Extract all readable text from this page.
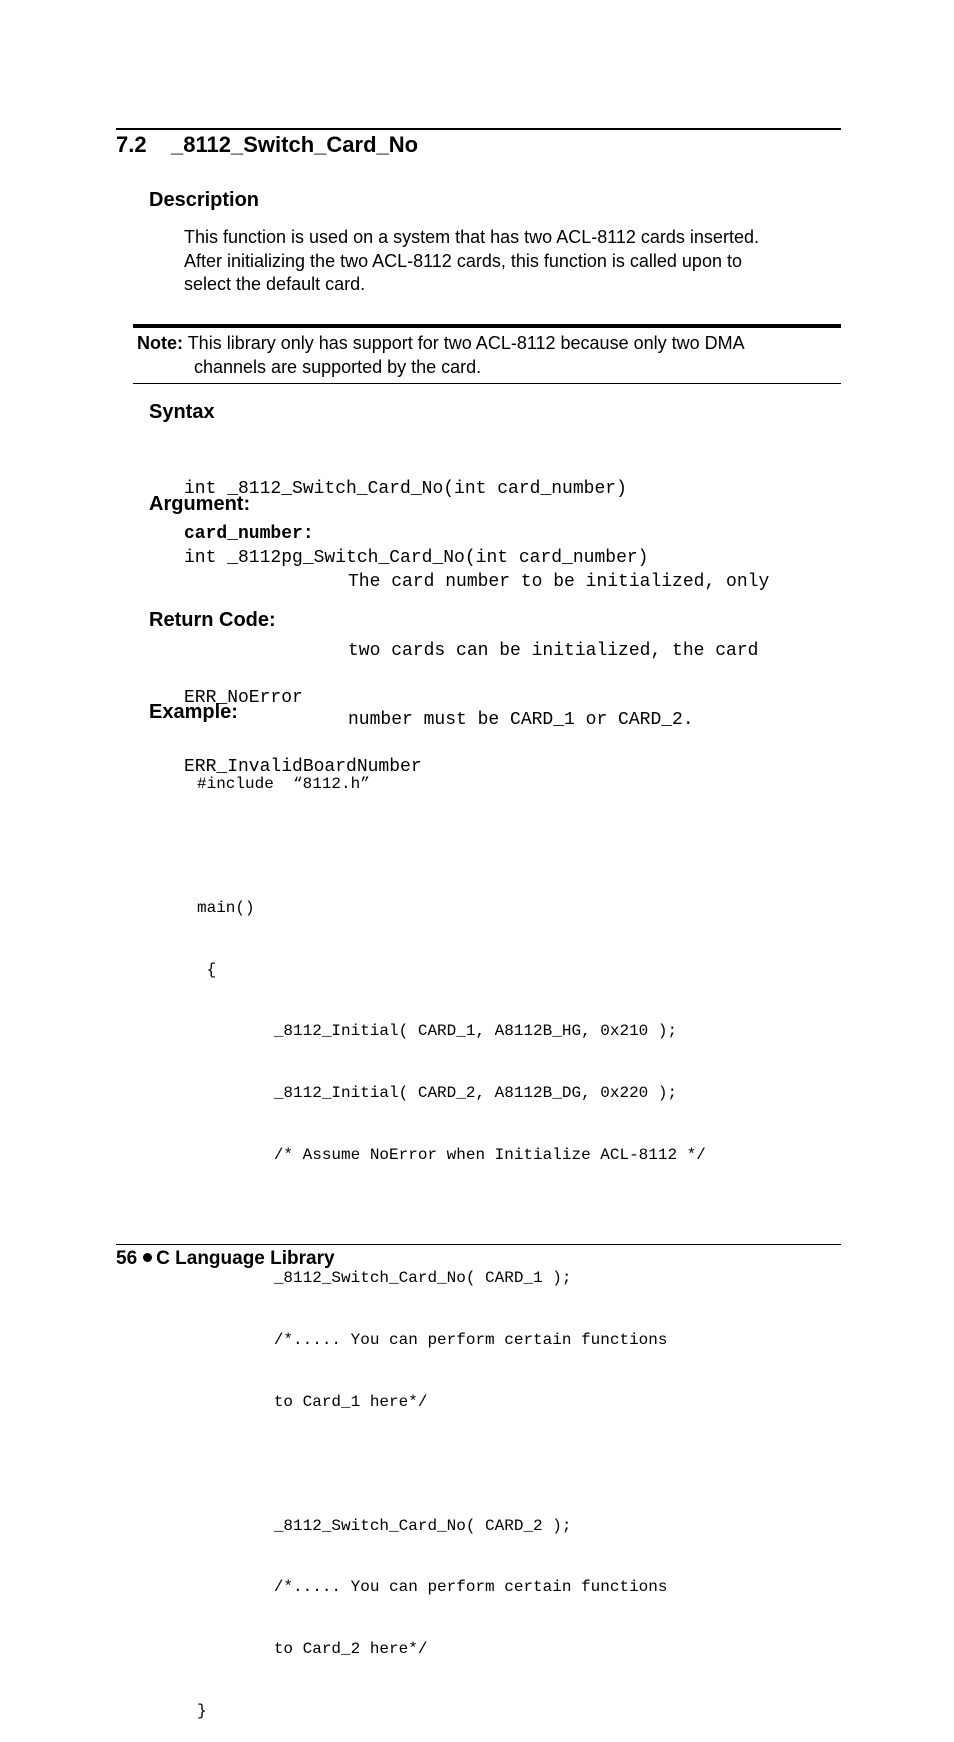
7.2 _8112_Switch_Card_No
Description
This function is used on a system that has two ACL-8112 cards inserted.
After initializing the two ACL-8112 cards, this function is called upon to
select the default card.
Note: This library only has support for two ACL-8112 because only two DMA
channels are supported by the card.
Syntax

int _8112_Switch_Card_No(int card_number)

int _8112pg_Switch_Card_No(int card_number)

Argument:
card_number:

The card number to be initialized, only

two cards can be initialized, the card

number must be CARD_1 or CARD_2.

Return Code:

ERR_NoError

ERR_InvalidBoardNumber

Example:

#include  “8112.h”

main()

{

_8112_Initial( CARD_1, A8112B_HG, 0x210 );

_8112_Initial( CARD_2, A8112B_DG, 0x220 );

/* Assume NoError when Initialize ACL-8112 */

_8112_Switch_Card_No( CARD_1 );

/*..... You can perform certain functions

to Card_1 here*/

_8112_Switch_Card_No( CARD_2 );

/*..... You can perform certain functions

to Card_2 here*/

}

56 C Language Library
